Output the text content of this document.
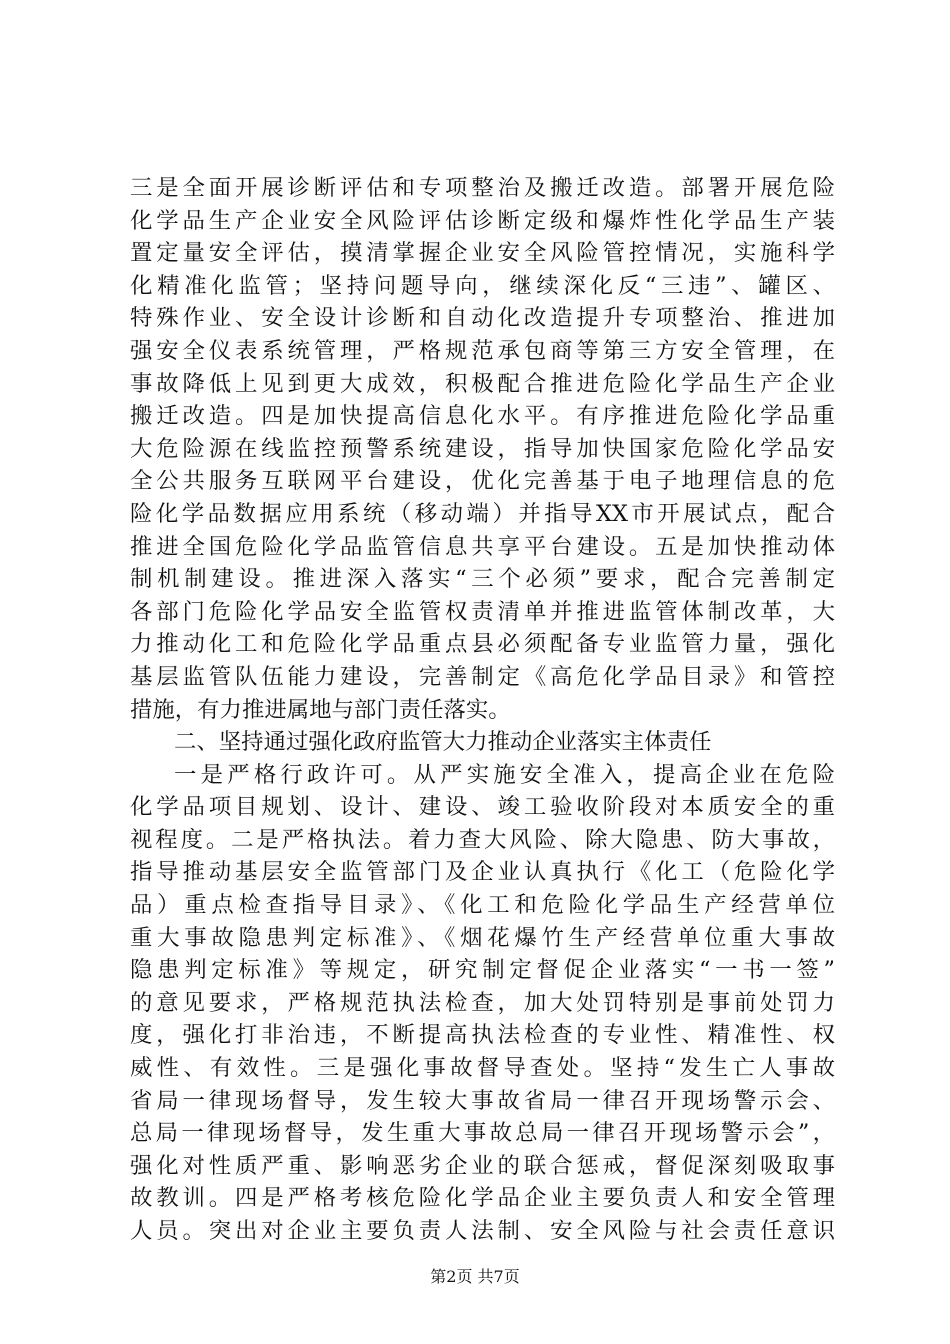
三是全面开展诊断评估和专项整治及搬迁改造。部署开展危险
化学品生产企业安全风险评估诊断定级和爆炸性化学品生产装
置定量安全评估，摸清掌握企业安全风险管控情况，实施科学
化精准化监管；坚持问题导向，继续深化反“三违”、罐区、
特殊作业、安全设计诊断和自动化改造提升专项整治、推进加
强安全仪表系统管理，严格规范承包商等第三方安全管理，在
事故降低上见到更大成效，积极配合推进危险化学品生产企业
搬迁改造。四是加快提高信息化水平。有序推进危险化学品重
大危险源在线监控预警系统建设，指导加快国家危险化学品安
全公共服务互联网平台建设，优化完善基于电子地理信息的危
险化学品数据应用系统（移动端）并指导XX市开展试点，配合
推进全国危险化学品监管信息共享平台建设。五是加快推动体
制机制建设。推进深入落实“三个必须”要求，配合完善制定
各部门危险化学品安全监管权责清单并推进监管体制改革，大
力推动化工和危险化学品重点县必须配备专业监管力量，强化
基层监管队伍能力建设，完善制定《高危化学品目录》和管控
措施，有力推进属地与部门责任落实。
二、坚持通过强化政府监管大力推动企业落实主体责任
一是严格行政许可。从严实施安全准入，提高企业在危险
化学品项目规划、设计、建设、竣工验收阶段对本质安全的重
视程度。二是严格执法。着力查大风险、除大隐患、防大事故，
指导推动基层安全监管部门及企业认真执行《化工（危险化学
品）重点检查指导目录》、《化工和危险化学品生产经营单位
重大事故隐患判定标准》、《烟花爆竹生产经营单位重大事故
隐患判定标准》等规定，研究制定督促企业落实“一书一签”
的意见要求，严格规范执法检查，加大处罚特别是事前处罚力
度，强化打非治违，不断提高执法检查的专业性、精准性、权
威性、有效性。三是强化事故督导查处。坚持“发生亡人事故
省局一律现场督导，发生较大事故省局一律召开现场警示会、
总局一律现场督导，发生重大事故总局一律召开现场警示会”，
强化对性质严重、影响恶劣企业的联合惩戒，督促深刻吸取事
故教训。四是严格考核危险化学品企业主要负责人和安全管理
人员。突出对企业主要负责人法制、安全风险与社会责任意识
第2页 共7页
